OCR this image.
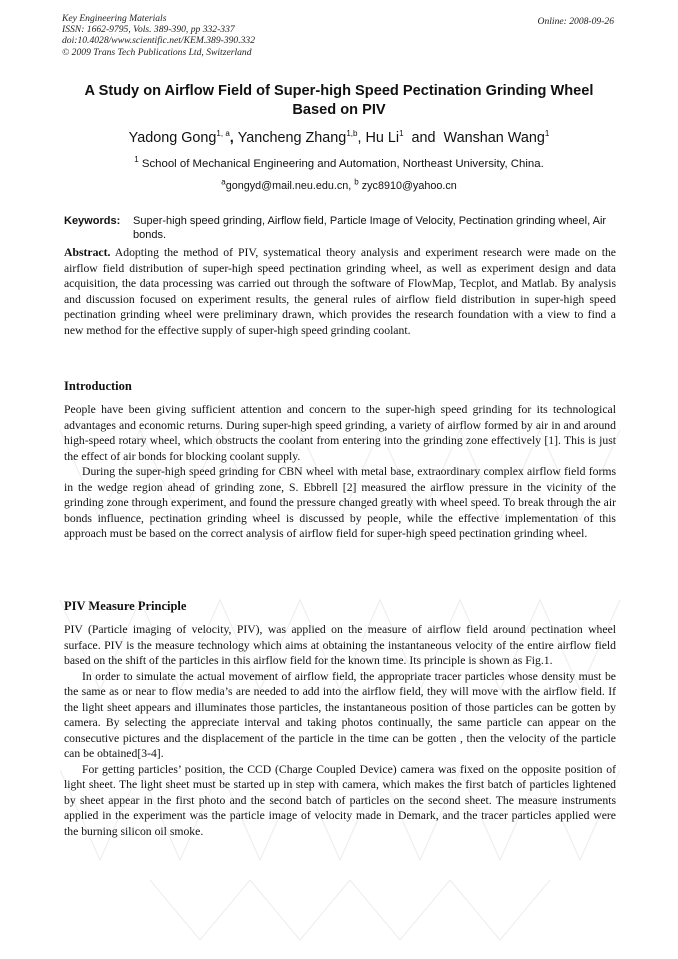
Key Engineering Materials
ISSN: 1662-9795, Vols. 389-390, pp 332-337
doi:10.4028/www.scientific.net/KEM.389-390.332
© 2009 Trans Tech Publications Ltd, Switzerland
Online: 2008-09-26
A Study on Airflow Field of Super-high Speed Pectination Grinding Wheel Based on PIV
Yadong Gong$^{1, a}$, Yancheng Zhang$^{1,b}$, Hu Li$^1$  and  Wanshan Wang$^1$
$^1$ School of Mechanical Engineering and Automation, Northeast University, China.
$^a$gongyd@mail.neu.edu.cn, $^b$ zyc8910@yahoo.cn
Keywords: Super-high speed grinding, Airflow field, Particle Image of Velocity, Pectination grinding wheel, Air bonds.

Abstract. Adopting the method of PIV, systematical theory analysis and experiment research were made on the airflow field distribution of super-high speed pectination grinding wheel, as well as experiment design and data acquisition, the data processing was carried out through the software of FlowMap, Tecplot, and Matlab. By analysis and discussion focused on experiment results, the general rules of airflow field distribution in super-high speed pectination grinding wheel were preliminary drawn, which provides the research foundation with a view to find a new method for the effective supply of super-high speed grinding coolant.

Introduction

People have been giving sufficient attention and concern to the super-high speed grinding for its technological advantages and economic returns. During super-high speed grinding, a variety of airflow formed by air in and around high-speed rotary wheel, which obstructs the coolant from entering into the grinding zone effectively [1]. This is just the effect of air bonds for blocking coolant supply.

During the super-high speed grinding for CBN wheel with metal base, extraordinary complex airflow field forms in the wedge region ahead of grinding zone, S. Ebbrell [2] measured the airflow pressure in the vicinity of the grinding zone through experiment, and found the pressure changed greatly with wheel speed. To break through the air bonds influence, pectination grinding wheel is discussed by people, while the effective implementation of this approach must be based on the correct analysis of airflow field for super-high speed pectination grinding wheel.

PIV Measure Principle

PIV (Particle imaging of velocity, PIV), was applied on the measure of airflow field around pectination wheel surface. PIV is the measure technology which aims at obtaining the instantaneous velocity of the entire airflow field based on the shift of the particles in this airflow field for the known time. Its principle is shown as Fig.1.

In order to simulate the actual movement of airflow field, the appropriate tracer particles whose density must be the same as or near to flow media’s are needed to add into the airflow field, they will move with the airflow field. If the light sheet appears and illuminates those particles, the instantaneous position of those particles can be gotten by camera. By selecting the appreciate interval and taking photos continually, the same particle can appear on the consecutive pictures and the displacement of the particle in the time can be gotten , then the velocity of the particle can be obtained[3-4].

For getting particles’ position, the CCD (Charge Coupled Device) camera was fixed on the opposite position of light sheet. The light sheet must be started up in step with camera, which makes the first batch of particles lightened by sheet appear in the first photo and the second batch of particles on the second sheet. The measure instruments applied in the experiment was the particle image of velocity made in Demark, and the tracer particles applied were the burning silicon oil smoke.
